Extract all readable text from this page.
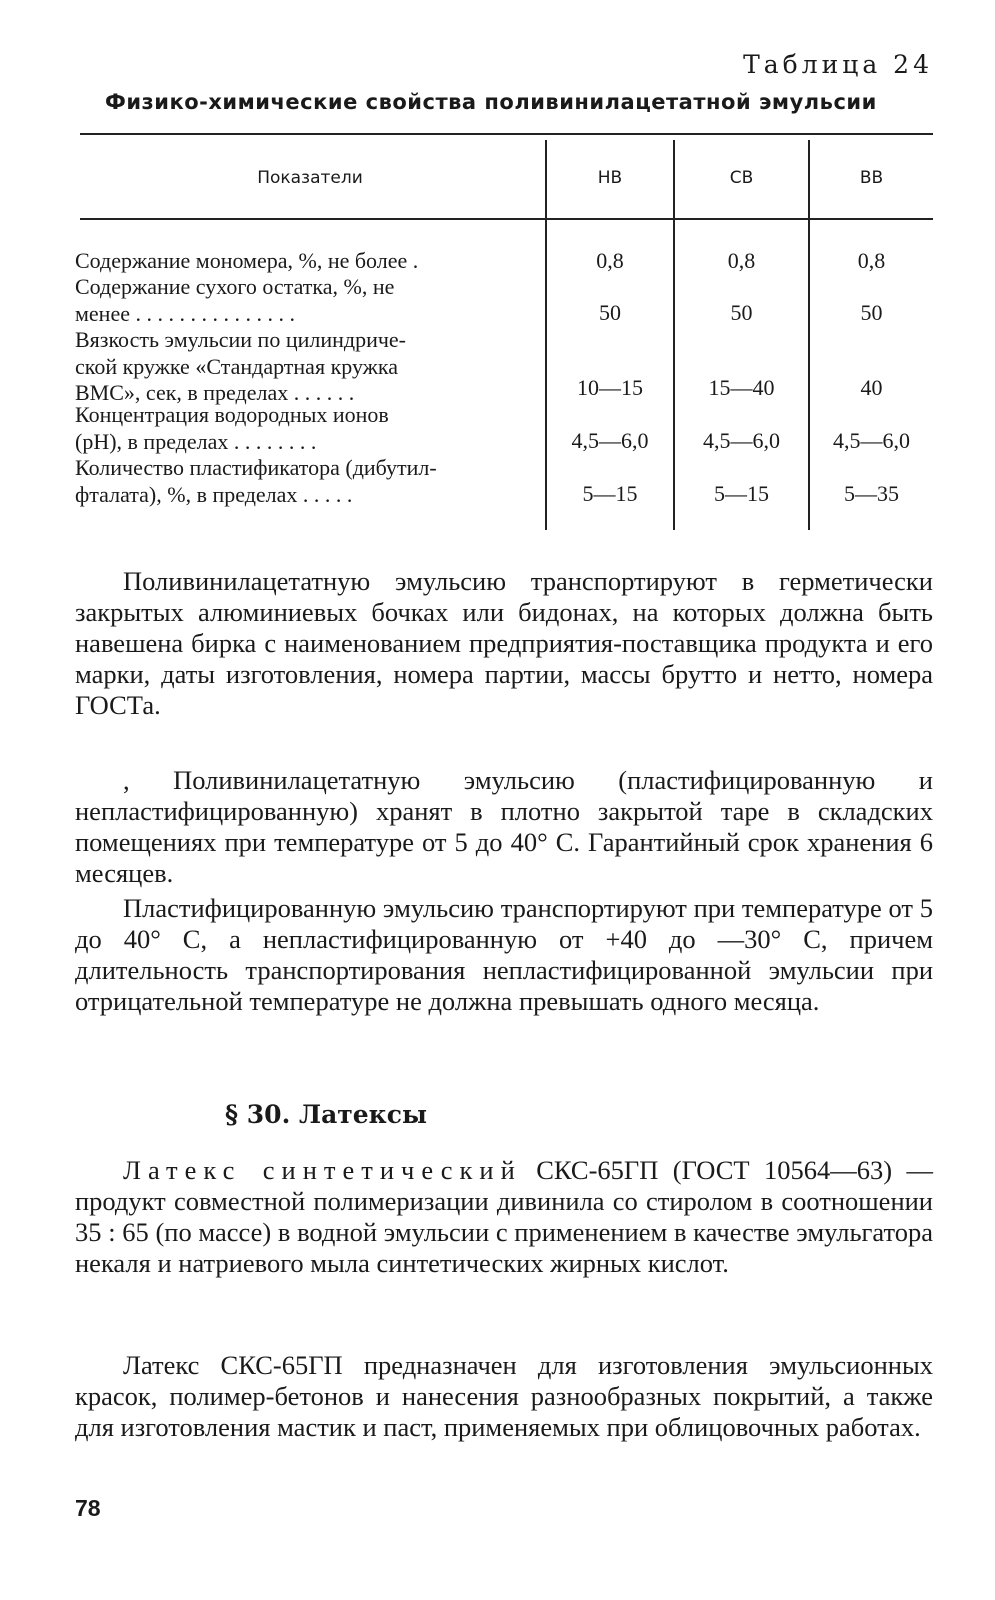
Таблица 24
Физико-химические свойства поливинилацетатной эмульсии
Показатели	НВ	СВ	ВВ
Содержание мономера, %, не более .	0,8	0,8	0,8
Содержание сухого остатка, %, не
менее . . . . . . . . . . . . . . .	50	50	50
Вязкость эмульсии по цилиндриче-
ской кружке «Стандартная кружка
ВМС», сек, в пределах . . . . . .	10—15	15—40	40
Концентрация водородных ионов
(рН), в пределах . . . . . . . .	4,5—6,0	4,5—6,0	4,5—6,0
Количество пластификатора (дибутил-
фталата), %, в пределах . . . . .	5—15	5—15	5—35
Поливинилацетатную эмульсию транспортируют в герметически закрытых алюминиевых бочках или бидонах, на которых должна быть навешена бирка с наименованием предприятия-поставщика продукта и его марки, даты изготовления, номера партии, массы брутто и нетто, номера ГОСТа.
, Поливинилацетатную эмульсию (пластифицированную и непластифицированную) хранят в плотно закрытой таре в складских помещениях при температуре от 5 до 40° С. Гарантийный срок хранения 6 месяцев.
Пластифицированную эмульсию транспортируют при температуре от 5 до 40° С, а непластифицированную от +40 до —30° С, причем длительность транспортирования непластифицированной эмульсии при отрицательной температуре не должна превышать одного месяца.
§ 30. Латексы
Латекс синтетический СКС-65ГП (ГОСТ 10564—63) — продукт совместной полимеризации дивинила со стиролом в соотношении 35 : 65 (по массе) в водной эмульсии с применением в качестве эмульгатора некаля и натриевого мыла синтетических жирных кислот.
Латекс СКС-65ГП предназначен для изготовления эмульсионных красок, полимер-бетонов и нанесения разнообразных покрытий, а также для изготовления мастик и паст, применяемых при облицовочных работах.
78
